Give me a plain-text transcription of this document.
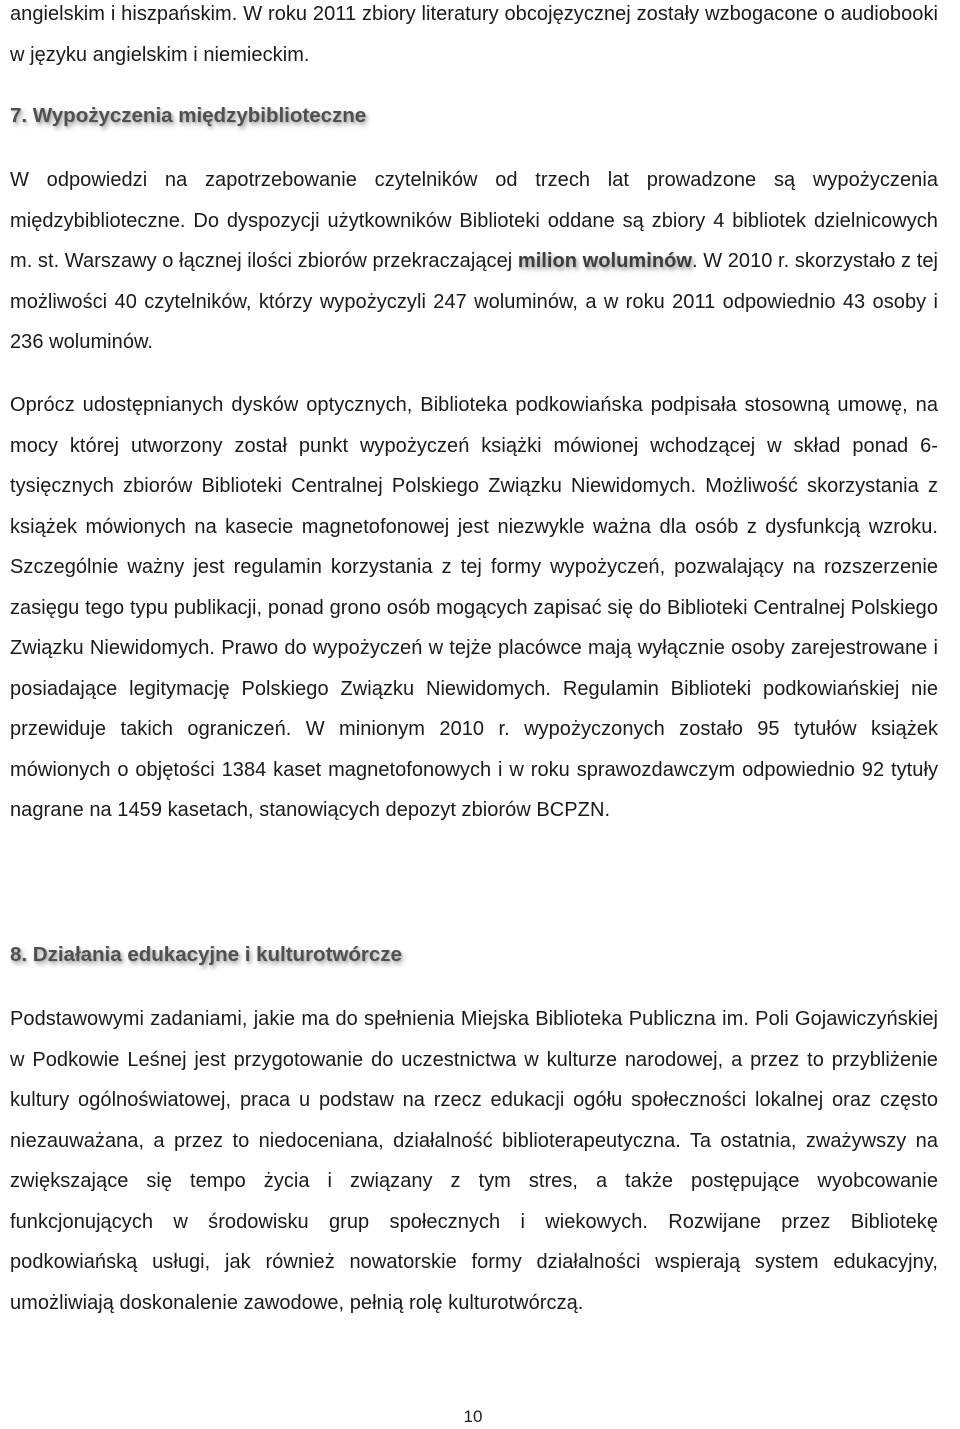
angielskim i hiszpańskim. W roku 2011 zbiory literatury obcojęzycznej zostały wzbogacone o audiobooki w języku angielskim i niemieckim.

7. Wypożyczenia międzybiblioteczne

W odpowiedzi na zapotrzebowanie czytelników od trzech lat prowadzone są wypożyczenia międzybiblioteczne. Do dyspozycji użytkowników Biblioteki oddane są zbiory 4 bibliotek dzielnicowych m. st. Warszawy o łącznej ilości zbiorów przekraczającej milion woluminów. W 2010 r. skorzystało z tej możliwości 40 czytelników, którzy wypożyczyli 247 woluminów, a w roku 2011 odpowiednio 43 osoby i 236 woluminów.

Oprócz udostępnianych dysków optycznych, Biblioteka podkowiańska podpisała stosowną umowę, na mocy której utworzony został punkt wypożyczeń książki mówionej wchodzącej w skład ponad 6-tysięcznych zbiorów Biblioteki Centralnej Polskiego Związku Niewidomych. Możliwość skorzystania z książek mówionych na kasecie magnetofonowej jest niezwykle ważna dla osób z dysfunkcją wzroku. Szczególnie ważny jest regulamin korzystania z tej formy wypożyczeń, pozwalający na rozszerzenie zasięgu tego typu publikacji, ponad grono osób mogących zapisać się do Biblioteki Centralnej Polskiego Związku Niewidomych. Prawo do wypożyczeń w tejże placówce mają wyłącznie osoby zarejestrowane i posiadające legitymację Polskiego Związku Niewidomych. Regulamin Biblioteki podkowiańskiej nie przewiduje takich ograniczeń. W minionym 2010 r. wypożyczonych zostało 95 tytułów książek mówionych o objętości 1384 kaset magnetofonowych i w roku sprawozdawczym odpowiednio 92 tytuły nagrane na 1459 kasetach, stanowiących depozyt zbiorów BCPZN.

8. Działania edukacyjne i kulturotwórcze

Podstawowymi zadaniami, jakie ma do spełnienia Miejska Biblioteka Publiczna im. Poli Gojawiczyńskiej w Podkowie Leśnej jest przygotowanie do uczestnictwa w kulturze narodowej, a przez to przybliżenie kultury ogólnoświatowej, praca u podstaw na rzecz edukacji ogółu społeczności lokalnej oraz często niezauważana, a przez to niedoceniana, działalność biblioterapeutyczna. Ta ostatnia, zważywszy na zwiększające się tempo życia i związany z tym stres, a także postępujące wyobcowanie funkcjonujących w środowisku grup społecznych i wiekowych. Rozwijane przez Bibliotekę podkowiańską usługi, jak również nowatorskie formy działalności wspierają system edukacyjny, umożliwiają doskonalenie zawodowe, pełnią rolę kulturotwórczą.

10
